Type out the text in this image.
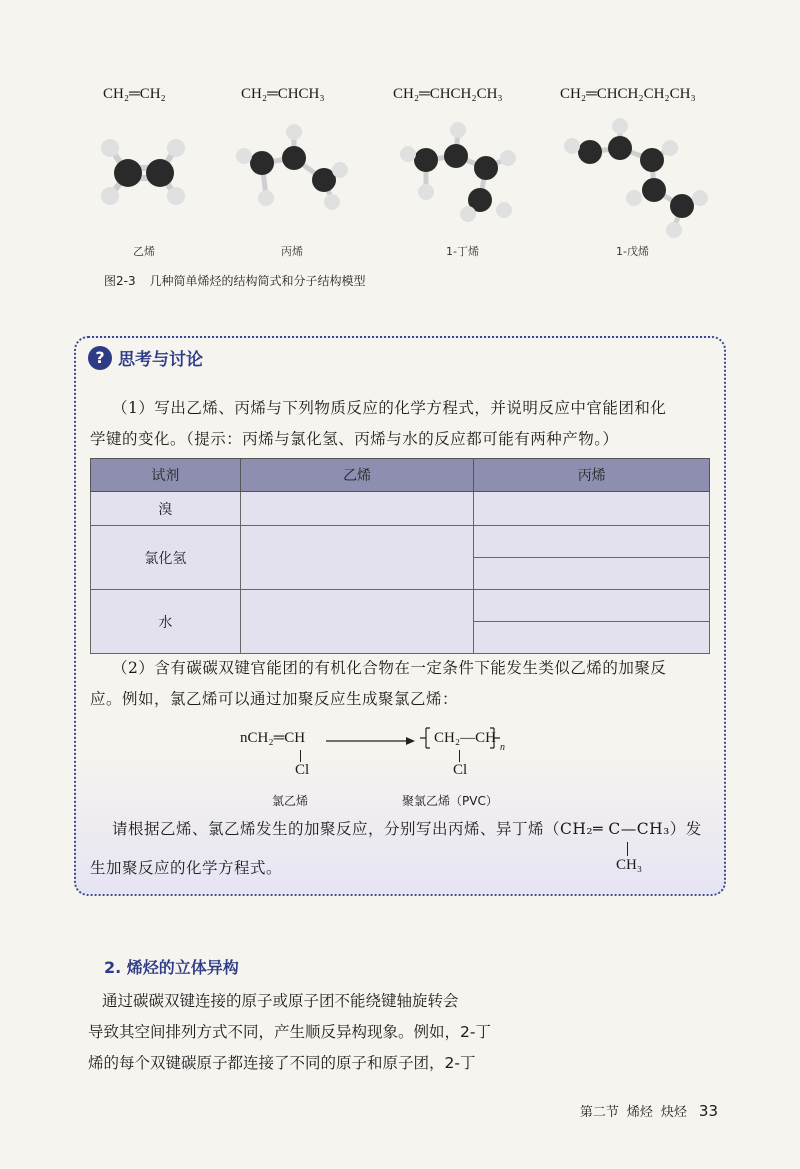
CH₂═CH₂	CH₂═CHCH₃	CH₂═CHCH₂CH₃	CH₂═CHCH₂CH₂CH₃
乙烯	丙烯	1-丁烯	1-戊烯
图2-3 几种简单烯烃的结构简式和分子结构模型
? 思考与讨论
（1）写出乙烯、丙烯与下列物质反应的化学方程式，并说明反应中官能团和化
学键的变化。（提示：丙烯与氯化氢、丙烯与水的反应都可能有两种产物。）
试剂	乙烯	丙烯
溴		
氯化氢		

水		

（2）含有碳碳双键官能团的有机化合物在一定条件下能发生类似乙烯的加聚反
应。例如，氯乙烯可以通过加聚反应生成聚氯乙烯：
nCH₂═CH
Cl
CH₂—CH
n
Cl
氯乙烯	聚氯乙烯（PVC）
请根据乙烯、氯乙烯发生的加聚反应，分别写出丙烯、异丁烯（CH₂═ C—CH₃）发
CH₃
生加聚反应的化学方程式。
2. 烯烃的立体异构
通过碳碳双键连接的原子或原子团不能绕键轴旋转会
导致其空间排列方式不同，产生顺反异构现象。例如，2-丁
烯的每个双键碳原子都连接了不同的原子和原子团，2-丁
第二节 烯烃 炔烃 33
